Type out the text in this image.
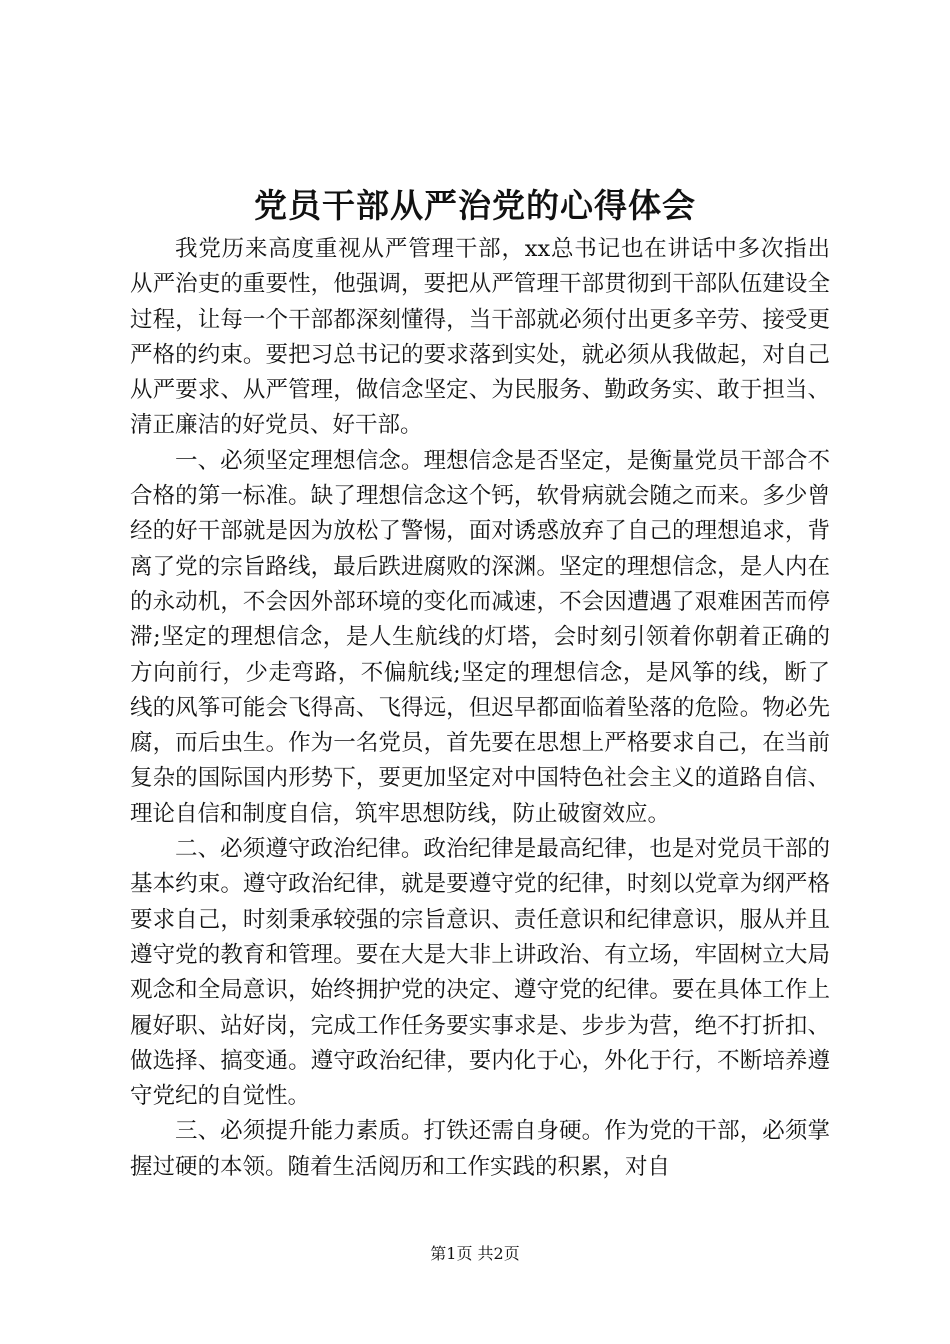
党员干部从严治党的心得体会

我党历来高度重视从严管理干部，xx总书记也在讲话中多次指出从严治吏的重要性，他强调，要把从严管理干部贯彻到干部队伍建设全过程，让每一个干部都深刻懂得，当干部就必须付出更多辛劳、接受更严格的约束。要把习总书记的要求落到实处，就必须从我做起，对自己从严要求、从严管理，做信念坚定、为民服务、勤政务实、敢于担当、清正廉洁的好党员、好干部。

一、必须坚定理想信念。理想信念是否坚定，是衡量党员干部合不合格的第一标准。缺了理想信念这个钙，软骨病就会随之而来。多少曾经的好干部就是因为放松了警惕，面对诱惑放弃了自己的理想追求，背离了党的宗旨路线，最后跌进腐败的深渊。坚定的理想信念，是人内在的永动机，不会因外部环境的变化而减速，不会因遭遇了艰难困苦而停滞;坚定的理想信念，是人生航线的灯塔，会时刻引领着你朝着正确的方向前行，少走弯路，不偏航线;坚定的理想信念，是风筝的线，断了线的风筝可能会飞得高、飞得远，但迟早都面临着坠落的危险。物必先腐，而后虫生。作为一名党员，首先要在思想上严格要求自己，在当前复杂的国际国内形势下，要更加坚定对中国特色社会主义的道路自信、理论自信和制度自信，筑牢思想防线，防止破窗效应。

二、必须遵守政治纪律。政治纪律是最高纪律，也是对党员干部的基本约束。遵守政治纪律，就是要遵守党的纪律，时刻以党章为纲严格要求自己，时刻秉承较强的宗旨意识、责任意识和纪律意识，服从并且遵守党的教育和管理。要在大是大非上讲政治、有立场，牢固树立大局观念和全局意识，始终拥护党的决定、遵守党的纪律。要在具体工作上履好职、站好岗，完成工作任务要实事求是、步步为营，绝不打折扣、做选择、搞变通。遵守政治纪律，要内化于心，外化于行，不断培养遵守党纪的自觉性。

三、必须提升能力素质。打铁还需自身硬。作为党的干部，必须掌握过硬的本领。随着生活阅历和工作实践的积累，对自

第1页 共2页
